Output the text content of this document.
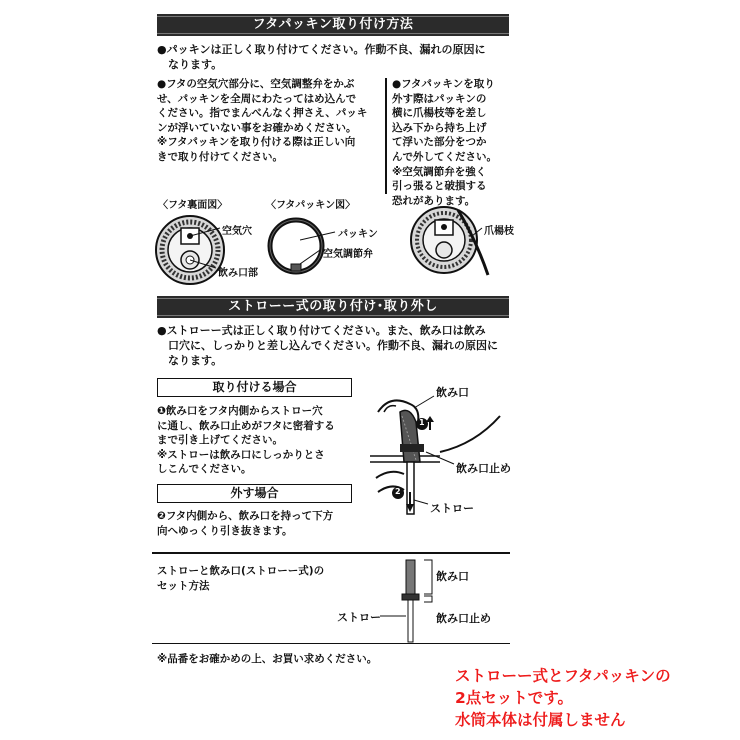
フタパッキン取り付け方法
●パッキンは正しく取り付けてください。作動不良、漏れの原因に
　なります。
●フタの空気穴部分に、空気調整弁をかぶ
せ、パッキンを全周にわたってはめ込んで
ください。指でまんべんなく押さえ、パッキ
ンが浮いていない事をお確かめください。
※フタパッキンを取り付ける際は正しい向
きで取り付けてください。
●フタパッキンを取り
外す際はパッキンの
横に爪楊枝等を差し
込み下から持ち上げ
て浮いた部分をつか
んで外してください。
※空気調節弁を強く
引っ張ると破損する
恐れがあります。
〈フタ裏面図〉	〈フタパッキン図〉
空気穴
飲み口部
パッキン
空気調節弁
爪楊枝
ストローー式の取り付け･取り外し
●ストローー式は正しく取り付けてください。また、飲み口は飲み
　口穴に、しっかりと差し込んでください。作動不良、漏れの原因に
　なります。
取り付ける場合
❶飲み口をフタ内側からストロー穴
に通し、飲み口止めがフタに密着する
まで引き上げてください。
※ストローは飲み口にしっかりとさ
しこんでください。
外す場合
❷フタ内側から、飲み口を持って下方
向へゆっくり引き抜きます。
1
2
飲み口
飲み口止め
ストロー
ストローと飲み口(ストローー式)の
セット方法
飲み口
ストロー	飲み口止め
※品番をお確かめの上、お買い求めください。
ストローー式とフタパッキンの
2点セットです。
水筒本体は付属しません
